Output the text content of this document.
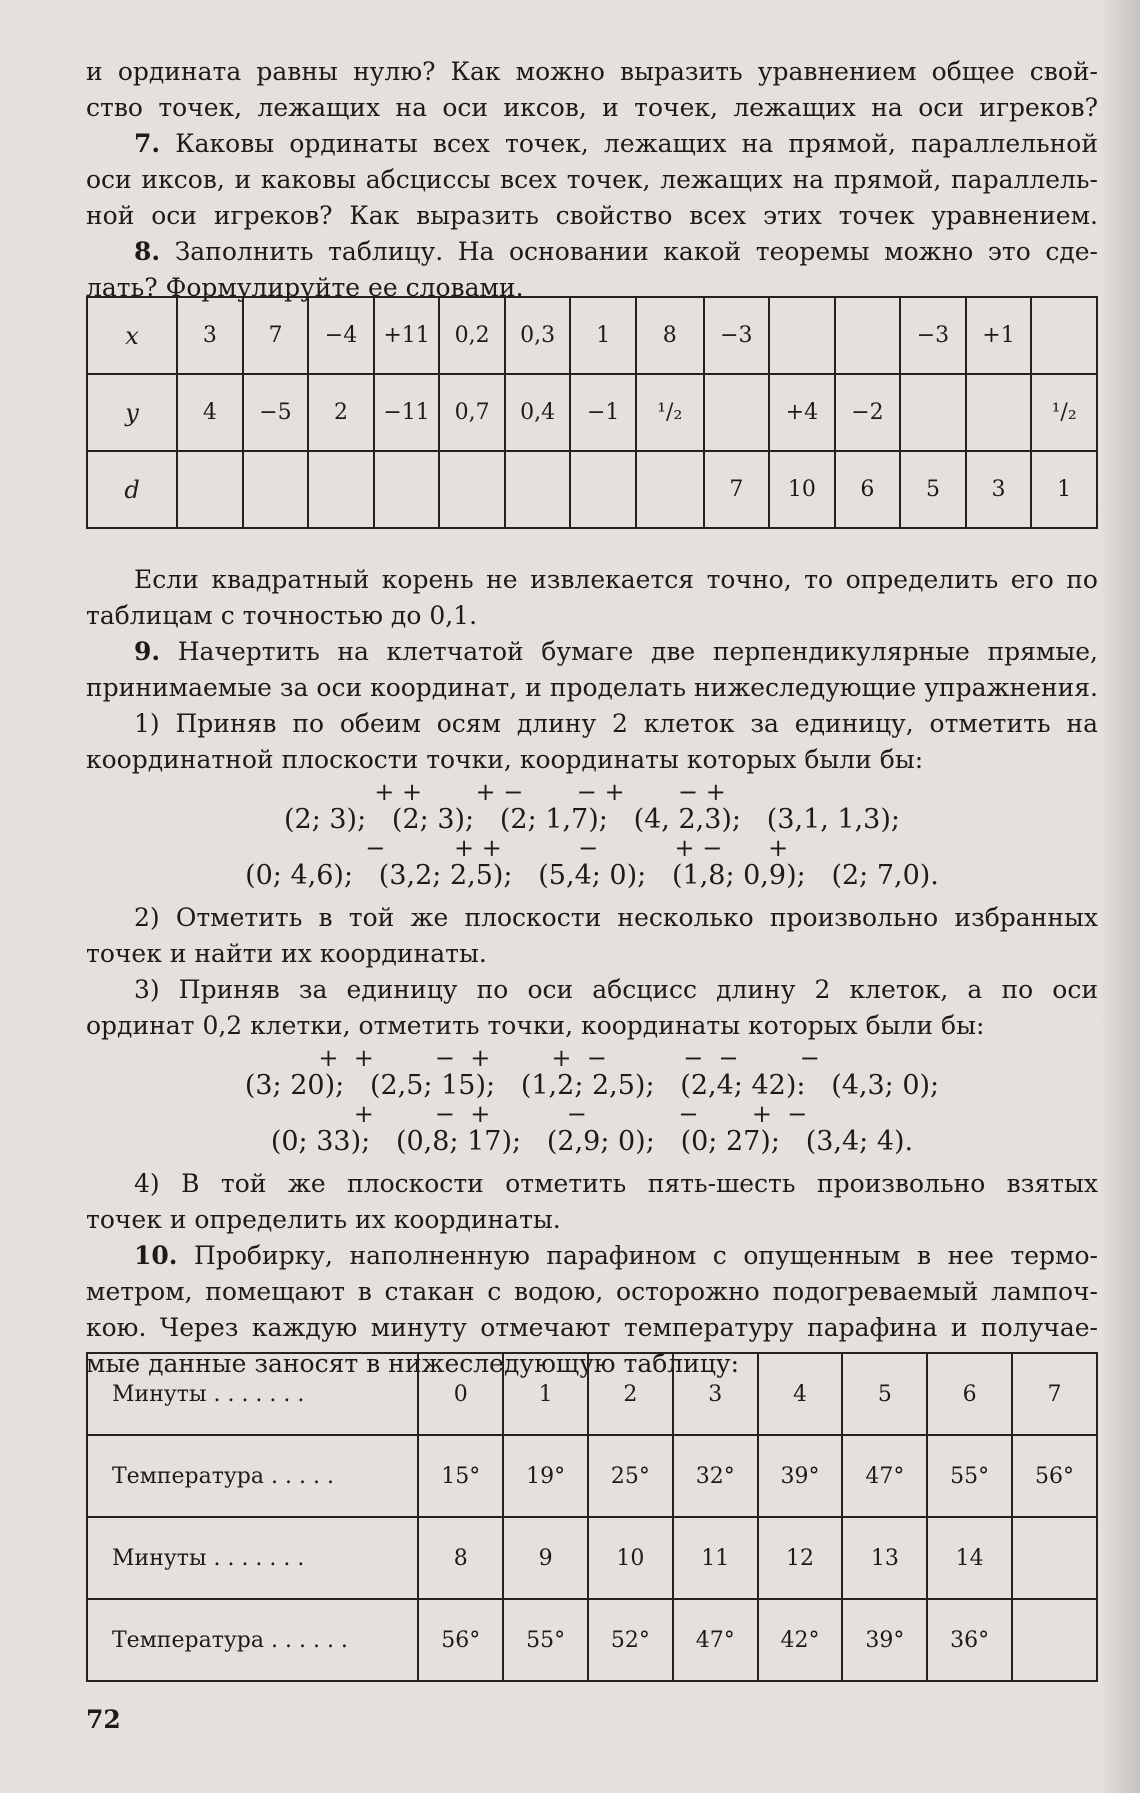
и ордината равны нулю? Как можно выразить уравнением общее свой-

ство точек, лежащих на оси иксов, и точек, лежащих на оси игреков?

7. Каковы ординаты всех точек, лежащих на прямой, параллельной

оси иксов, и каковы абсциссы всех точек, лежащих на прямой, параллель-

ной оси игреков? Как выразить свойство всех этих точек уравнением.

8. Заполнить таблицу. На основании какой теоремы можно это сде-

лать? Формулируйте ее словами.

x	3	7	−4	+11	0,2	0,3	1	8	−3			−3	+1	
y	4	−5	2	−11	0,7	0,4	−1	¹/₂		+4	−2			¹/₂
d									7	10	6	5	3	1

Если квадратный корень не извлекается точно, то определить его по

таблицам с точностью до 0,1.

9. Начертить на клетчатой бумаге две перпендикулярные прямые,

принимаемые за оси координат, и проделать нижеследующие упражнения.

1) Приняв по обеим осям длину 2 клеток за единицу, отметить на

координатной плоскости точки, координаты которых были бы:

+ +       + −       − +       − +
(2; 3);   (2; 3);   (2; 1,7);   (4, 2,3);   (3,1, 1,3);
−         + +          −          + −      +
(0; 4,6);   (3,2; 2,5);   (5,4; 0);   (1,8; 0,9);   (2; 7,0).

2) Отметить в той же плоскости несколько произвольно избранных

точек и найти их координаты.

3) Приняв за единицу по оси абсцисс длину 2 клеток, а по оси

ординат 0,2 клетки, отметить точки, координаты которых были бы:

+  +        −  +        +  −          −  −        −
(3; 20);   (2,5; 15);   (1,2; 2,5);   (2,4; 42):   (4,3; 0);
+        −  +          −            −       +  −
(0; 33);   (0,8; 17);   (2,9; 0);   (0; 27);   (3,4; 4).

4) В той же плоскости отметить пять-шесть произвольно взятых

точек и определить их координаты.

10. Пробирку, наполненную парафином с опущенным в нее термо-

метром, помещают в стакан с водою, осторожно подогреваемый лампоч-

кою. Через каждую минуту отмечают температуру парафина и получае-

мые данные заносят в нижеследующую таблицу:

Минуты . . . . . . .	0	1	2	3	4	5	6	7
Температура . . . . .	15°	19°	25°	32°	39°	47°	55°	56°
Минуты . . . . . . .	8	9	10	11	12	13	14	
Температура . . . . . .	56°	55°	52°	47°	42°	39°	36°	
72
